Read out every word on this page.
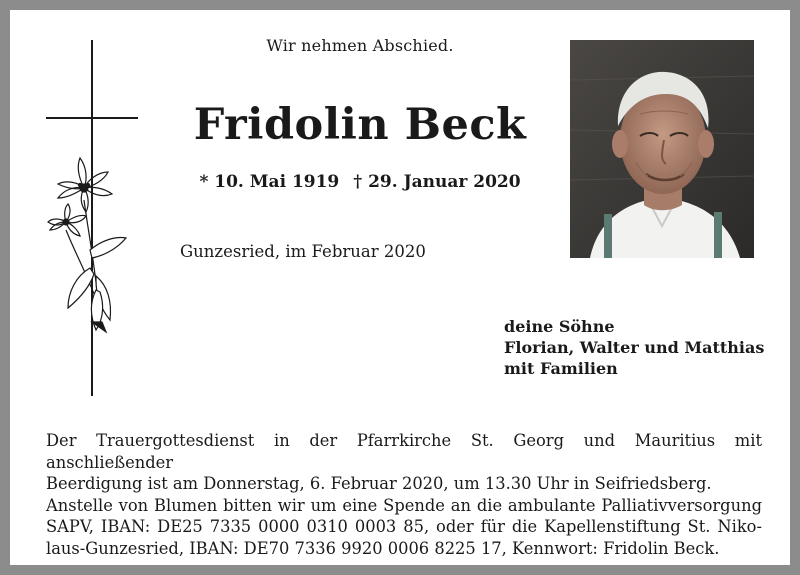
Wir nehmen Abschied.
Fridolin Beck
* 10. Mai 1919 † 29. Januar 2020
Gunzesried, im Februar 2020
deine Söhne
Florian, Walter und Matthias
mit Familien
Der Trauergottesdienst in der Pfarrkirche St. Georg und Mauritius mit anschließender
Beerdigung ist am Donnerstag, 6. Februar 2020, um 13.30 Uhr in Seifriedsberg.
Anstelle von Blumen bitten wir um eine Spende an die ambulante Palliativversorgung
SAPV, IBAN: DE25 7335 0000 0310 0003 85, oder für die Kapellenstiftung St. Niko-
laus-Gunzesried, IBAN: DE70 7336 9920 0006 8225 17, Kennwort: Fridolin Beck.
